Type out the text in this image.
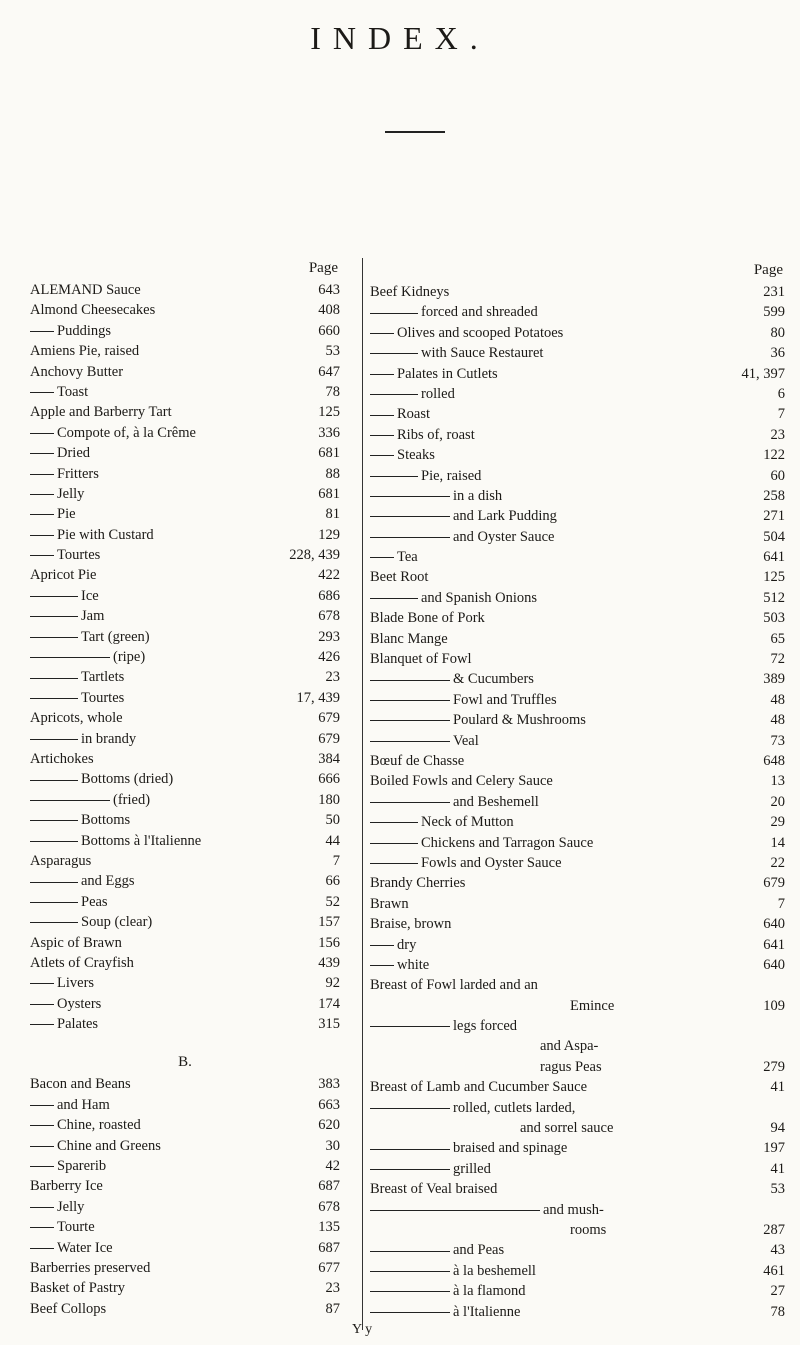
INDEX.
Page
ALEMAND Sauce	643
Almond Cheesecakes	408
Puddings	660
Amiens Pie, raised	53
Anchovy Butter	647
Toast	78
Apple and Barberry Tart	125
Compote of, à la Crême	336
Dried	681
Fritters	88
Jelly	681
Pie	81
Pie with Custard	129
Tourtes	228, 439
Apricot Pie	422
Ice	686
Jam	678
Tart (green)	293
(ripe)	426
Tartlets	23
Tourtes	17, 439
Apricots, whole	679
in brandy	679
Artichokes	384
Bottoms (dried)	666
(fried)	180
Bottoms	50
Bottoms à l'Italienne	44
Asparagus	7
and Eggs	66
Peas	52
Soup (clear)	157
Aspic of Brawn	156
Atlets of Crayfish	439
Livers	92
Oysters	174
Palates	315
B.
Bacon and Beans	383
and Ham	663
Chine, roasted	620
Chine and Greens	30
Sparerib	42
Barberry Ice	687
Jelly	678
Tourte	135
Water Ice	687
Barberries preserved	677
Basket of Pastry	23
Beef Collops	87
Page
Beef Kidneys	231
forced and shreaded	599
Olives and scooped Potatoes	80
with Sauce Restauret	36
Palates in Cutlets	41, 397
rolled	6
Roast	7
Ribs of, roast	23
Steaks	122
Pie, raised	60
in a dish	258
and Lark Pudding	271
and Oyster Sauce	504
Tea	641
Beet Root	125
and Spanish Onions	512
Blade Bone of Pork	503
Blanc Mange	65
Blanquet of Fowl	72
& Cucumbers	389
Fowl and Truffles	48
Poulard & Mushrooms	48
Veal	73
Bœuf de Chasse	648
Boiled Fowls and Celery Sauce	13
and Beshemell	20
Neck of Mutton	29
Chickens and Tarragon Sauce	14
Fowls and Oyster Sauce	22
Brandy Cherries	679
Brawn	7
Braise, brown	640
dry	641
white	640
Breast of Fowl larded and an
Emince	109
legs forced
and Aspa-
ragus Peas	279
Breast of Lamb and Cucumber Sauce	41
rolled, cutlets larded,
and sorrel sauce	94
braised and spinage	197
grilled	41
Breast of Veal braised	53
and mush-
rooms	287
and Peas	43
à la beshemell	461
à la flamond	27
à l'Italienne	78
Y y
